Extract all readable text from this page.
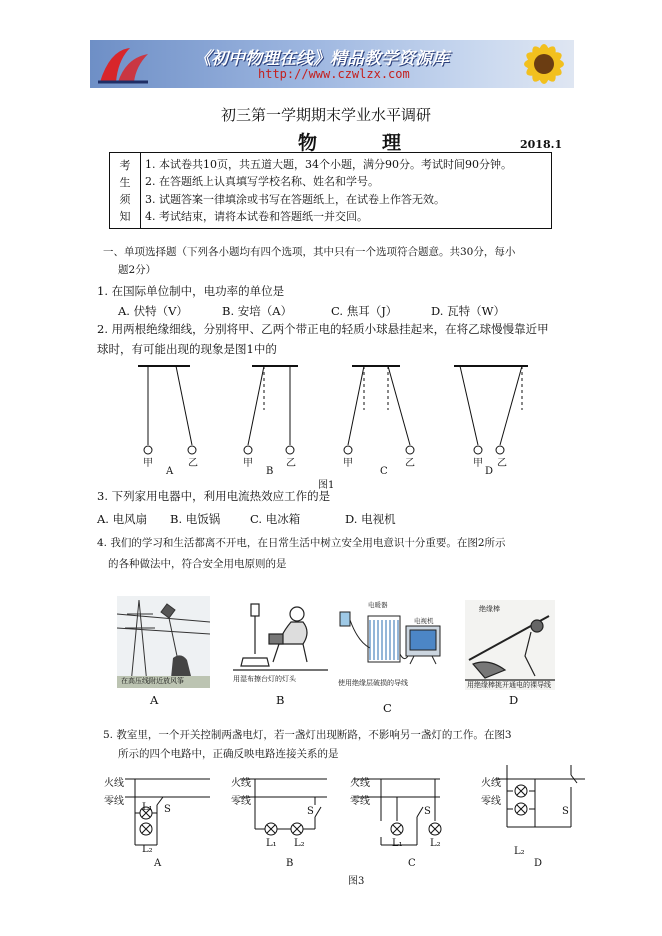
《初中物理在线》精品教学资源库
http://www.czwlzx.com
初三第一学期期末学业水平调研
物	理	2018.1
考
生
须
知

1. 本试卷共10页，共五道大题，34个小题，满分90分。考试时间90分钟。
2. 在答题纸上认真填写学校名称、姓名和学号。
3. 试题答案一律填涂或书写在答题纸上，在试卷上作答无效。
4. 考试结束，请将本试卷和答题纸一并交回。
一、单项选择题（下列各小题均有四个选项，其中只有一个选项符合题意。共30分，每小
题2分）
1. 在国际单位制中，电功率的单位是
A. 伏特（V）	B. 安培（A）	C. 焦耳（J）	D. 瓦特（W）
2. 用两根绝缘细线，分别将甲、乙两个带正电的轻质小球悬挂起来，在将乙球慢慢靠近甲
球时，有可能出现的现象是图1中的
甲	乙
A
甲	乙
B
甲	乙
C
甲 乙
D
图1
3. 下列家用电器中，利用电流热效应工作的是
A. 电风扇 B. 电饭锅	C. 电冰箱	D. 电视机
4. 我们的学习和生活都离不开电，在日常生活中树立安全用电意识十分重要。在图2所示
的各种做法中，符合安全用电原则的是
在高压线附近放风筝
A
用湿布擦台灯的灯头
B
电暖器
电视机
使用绝缘层破损的导线
C
绝缘棒
用绝缘棒挑开通电的裸导线
D
5. 教室里，一个开关控制两盏电灯，若一盏灯出现断路，不影响另一盏灯的工作。在图3
所示的四个电路中，正确反映电路连接关系的是
火线
零线
L₁ S
L₂
A
火线
零线
S
L₁ L₂
B
火线
零线
S
L₁	L₂
C
火线
零线
S
L₂
D
图3
